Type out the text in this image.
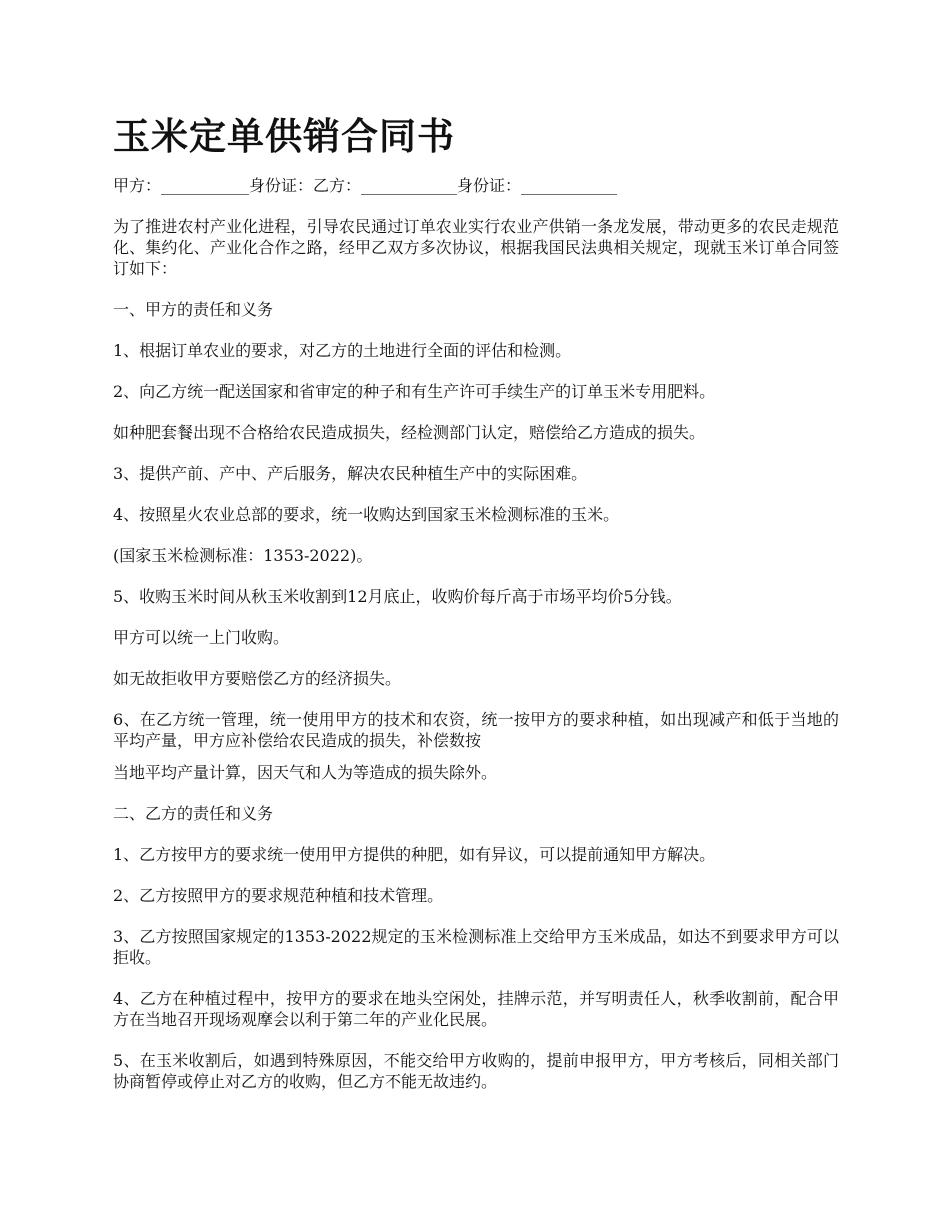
玉米定单供销合同书

甲方：___________身份证：乙方：____________身份证：____________

为了推进农村产业化进程，引导农民通过订单农业实行农业产供销一条龙发展，带动更多的农民走规范化、集约化、产业化合作之路，经甲乙双方多次协议，根据我国民法典相关规定，现就玉米订单合同签订如下：

一、甲方的责任和义务

1、根据订单农业的要求，对乙方的土地进行全面的评估和检测。

2、向乙方统一配送国家和省审定的种子和有生产许可手续生产的订单玉米专用肥料。

如种肥套餐出现不合格给农民造成损失，经检测部门认定，赔偿给乙方造成的损失。

3、提供产前、产中、产后服务，解决农民种植生产中的实际困难。

4、按照星火农业总部的要求，统一收购达到国家玉米检测标准的玉米。

(国家玉米检测标准：1353-2022)。

5、收购玉米时间从秋玉米收割到12月底止，收购价每斤高于市场平均价5分钱。

甲方可以统一上门收购。

如无故拒收甲方要赔偿乙方的经济损失。

6、在乙方统一管理，统一使用甲方的技术和农资，统一按甲方的要求种植，如出现减产和低于当地的平均产量，甲方应补偿给农民造成的损失，补偿数按

当地平均产量计算，因天气和人为等造成的损失除外。

二、乙方的责任和义务

1、乙方按甲方的要求统一使用甲方提供的种肥，如有异议，可以提前通知甲方解决。

2、乙方按照甲方的要求规范种植和技术管理。

3、乙方按照国家规定的1353-2022规定的玉米检测标准上交给甲方玉米成品，如达不到要求甲方可以拒收。

4、乙方在种植过程中，按甲方的要求在地头空闲处，挂牌示范，并写明责任人，秋季收割前，配合甲方在当地召开现场观摩会以利于第二年的产业化民展。

5、在玉米收割后，如遇到特殊原因，不能交给甲方收购的，提前申报甲方，甲方考核后，同相关部门协商暂停或停止对乙方的收购，但乙方不能无故违约。
